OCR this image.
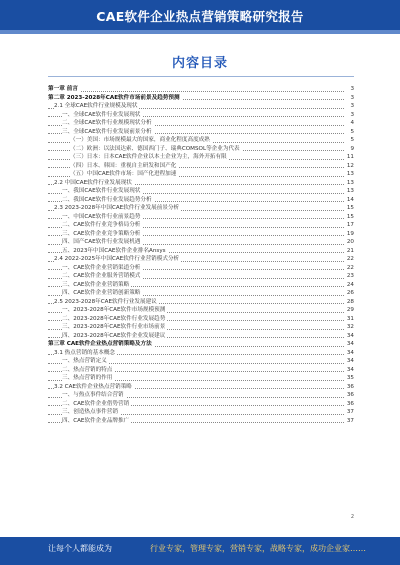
CAE软件企业热点营销策略研究报告
内容目录
第一章 前言	3
第二章 2023-2028年CAE软件市场前景及趋势预测	3
2.1 全球CAE软件行业规模及现状	3
一、全球CAE软件行业发展现状	3
二、全球CAE软件行业规模现状分析	4
三、全球CAE软件行业发展前景分析	5
（一）美国：市场规模最大的国家，商业化程度高度成熟	5
（二）欧洲：以法国达索、德国西门子、瑞典COMSOL等企业为代表	9
（三）日本：日本CAE软件企业以本土企业为主，海外开拓有限	11
（四）日本、韩国：重视自主研发和国产化	12
（五）中国CAE软件市场：国产化进程加速	13
2.2 中国CAE软件行业发展现状	13
一、我国CAE软件行业发展现状	13
二、我国CAE软件行业发展趋势分析	14
2.3 2023-2028年中国CAE软件行业发展前景分析	15
一、中国CAE软件行业前景趋势	15
二、CAE软件行业竞争格局分析	17
三、CAE软件企业竞争策略分析	19
四、国产CAE软件行业发展机遇	20
五、2023年中国CAE软件企业排名Ansys	21
2.4 2022-2025年中国CAE软件行业营销模式分析	22
一、CAE软件企业营销渠道分析	22
二、CAE软件企业服务营销模式	23
三、CAE软件企业营销策略	24
四、CAE软件企业营销创新策略	26
2.5 2023-2028年CAE软件行业发展建议	28
一、2023-2028年CAE软件市场规模预测	29
二、2023-2028年CAE软件行业发展趋势	31
三、2023-2028年CAE软件行业市场前景	32
四、2023-2028年CAE软件企业发展建议	34
第三章 CAE软件企业热点营销策略及方法	34
3.1 热点营销的基本概念	34
一、热点营销定义	34
二、热点营销的特点	34
三、热点营销的作用	35
3.2 CAE软件企业热点营销策略	36
一、与热点事件结合营销	36
二、CAE软件企业借势营销	36
三、创造热点事件营销	37
四、CAE软件企业品牌推广	37
2
让每个人都能成为	行业专家，管理专家，营销专家，战略专家，成功企业家……
